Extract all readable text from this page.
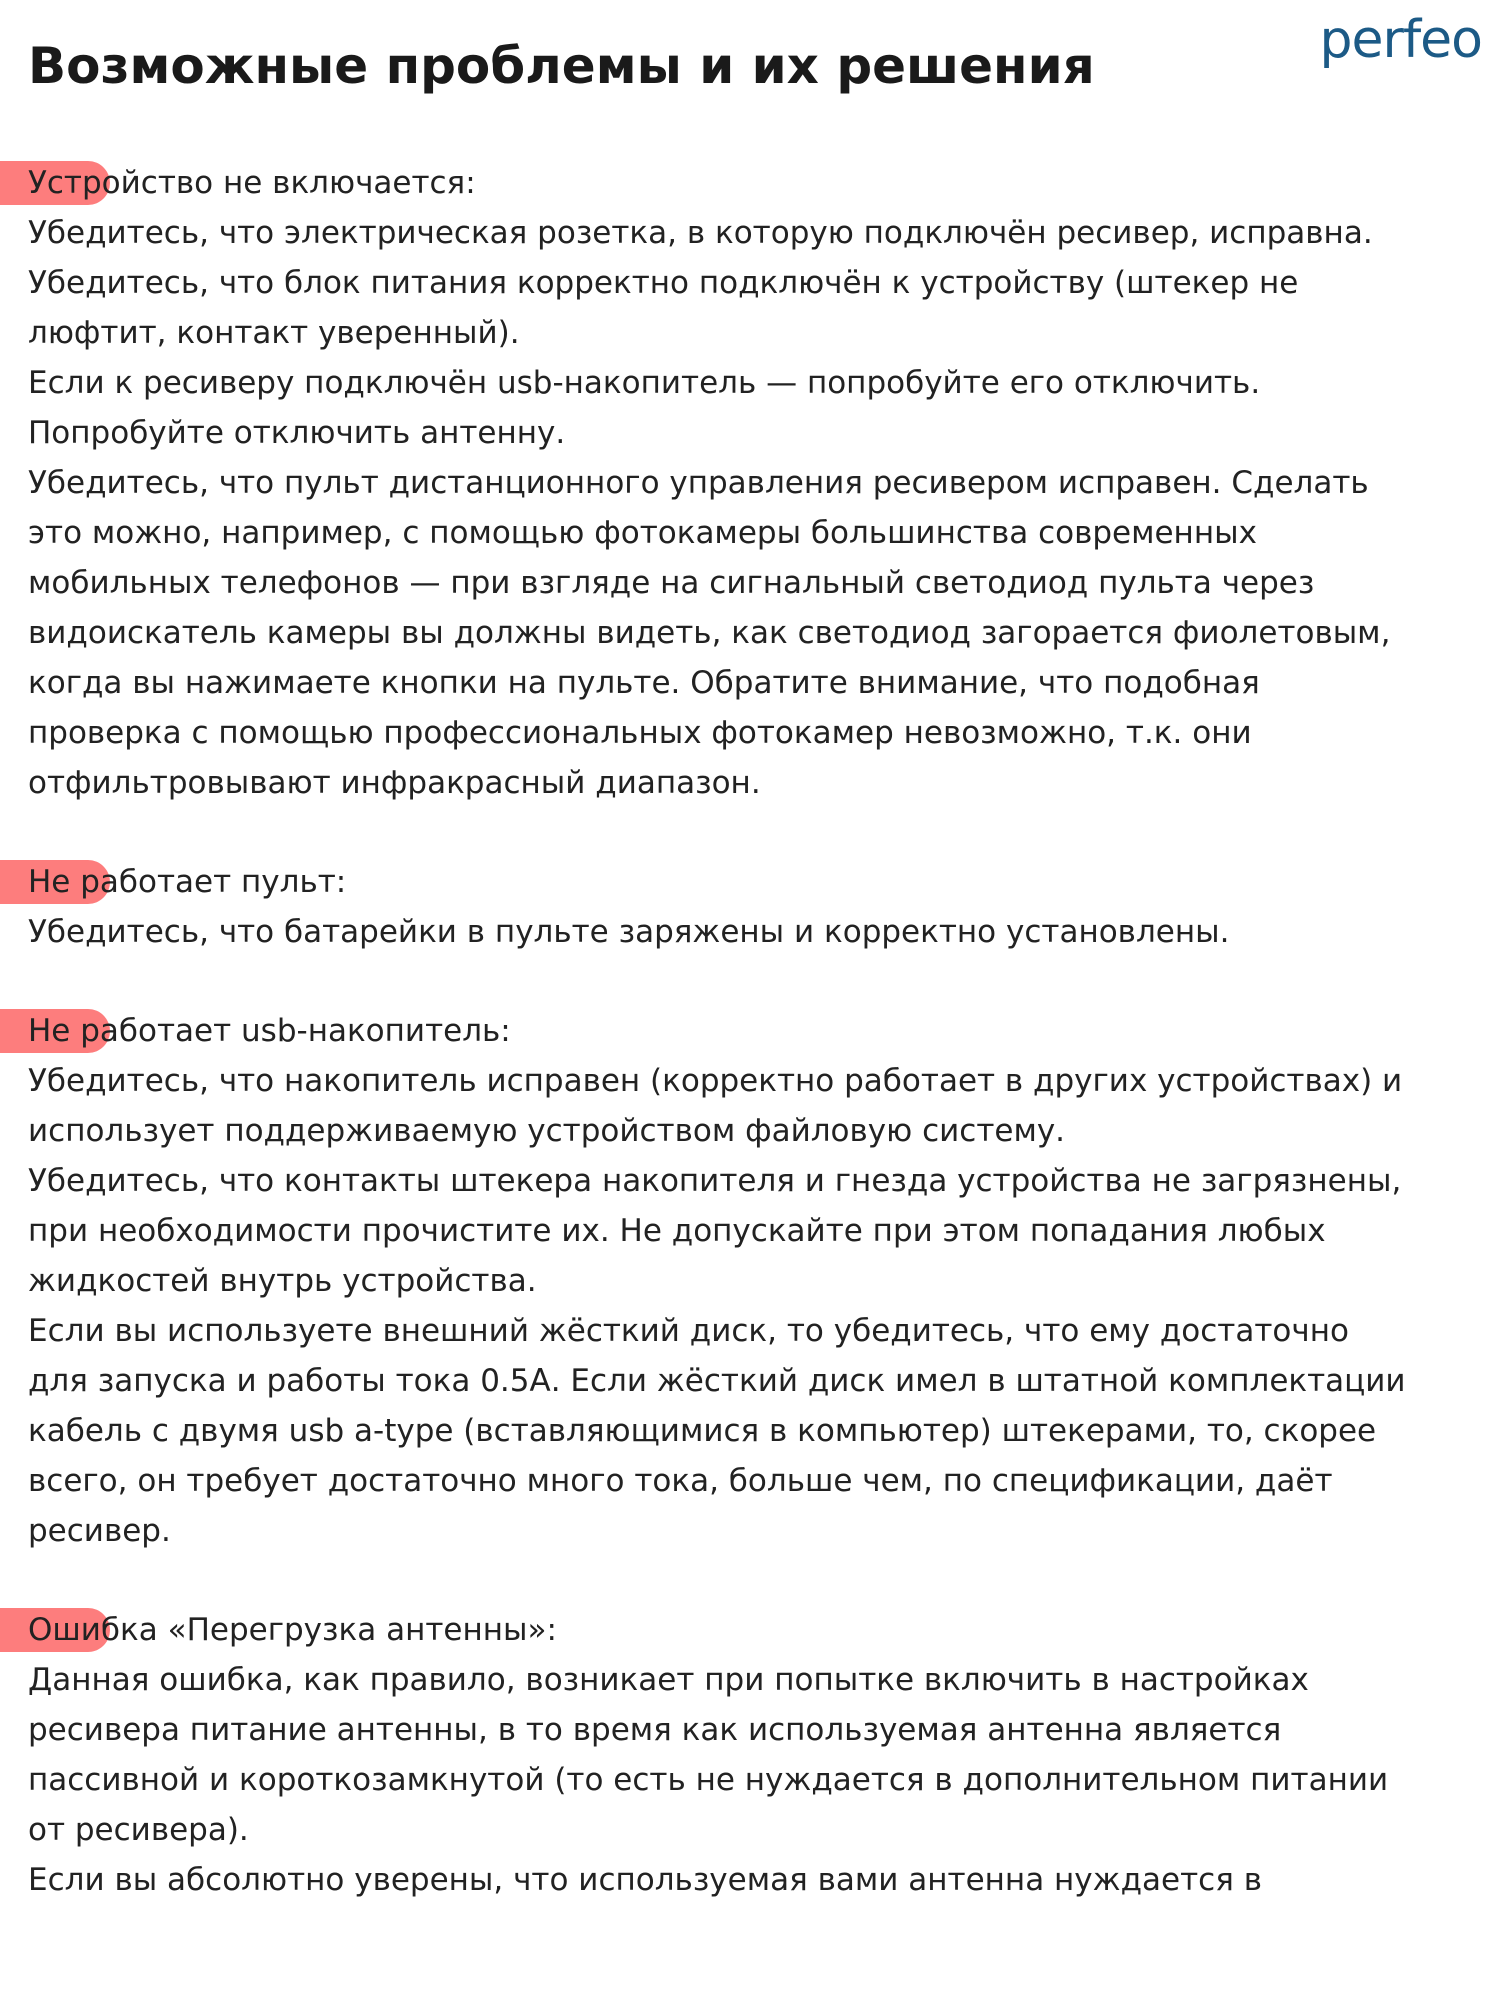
perfeo
Возможные проблемы и их решения
Устройство не включается:
Убедитесь, что электрическая розетка, в которую подключён ресивер, исправна.
Убедитесь, что блок питания корректно подключён к устройству (штекер не
люфтит, контакт уверенный).
Если к ресиверу подключён usb-накопитель — попробуйте его отключить.
Попробуйте отключить антенну.
Убедитесь, что пульт дистанционного управления ресивером исправен. Сделать
это можно, например, с помощью фотокамеры большинства современных
мобильных телефонов — при взгляде на сигнальный светодиод пульта через
видоискатель камеры вы должны видеть, как светодиод загорается фиолетовым,
когда вы нажимаете кнопки на пульте. Обратите внимание, что подобная
проверка с помощью профессиональных фотокамер невозможно, т.к. они
отфильтровывают инфракрасный диапазон.
Не работает пульт:
Убедитесь, что батарейки в пульте заряжены и корректно установлены.
Не работает usb-накопитель:
Убедитесь, что накопитель исправен (корректно работает в других устройствах) и
использует поддерживаемую устройством файловую систему.
Убедитесь, что контакты штекера накопителя и гнезда устройства не загрязнены,
при необходимости прочистите их. Не допускайте при этом попадания любых
жидкостей внутрь устройства.
Если вы используете внешний жёсткий диск, то убедитесь, что ему достаточно
для запуска и работы тока 0.5А. Если жёсткий диск имел в штатной комплектации
кабель с двумя usb a-type (вставляющимися в компьютер) штекерами, то, скорее
всего, он требует достаточно много тока, больше чем, по спецификации, даёт
ресивер.
Ошибка «Перегрузка антенны»:
Данная ошибка, как правило, возникает при попытке включить в настройках
ресивера питание антенны, в то время как используемая антенна является
пассивной и короткозамкнутой (то есть не нуждается в дополнительном питании
от ресивера).
Если вы абсолютно уверены, что используемая вами антенна нуждается в
